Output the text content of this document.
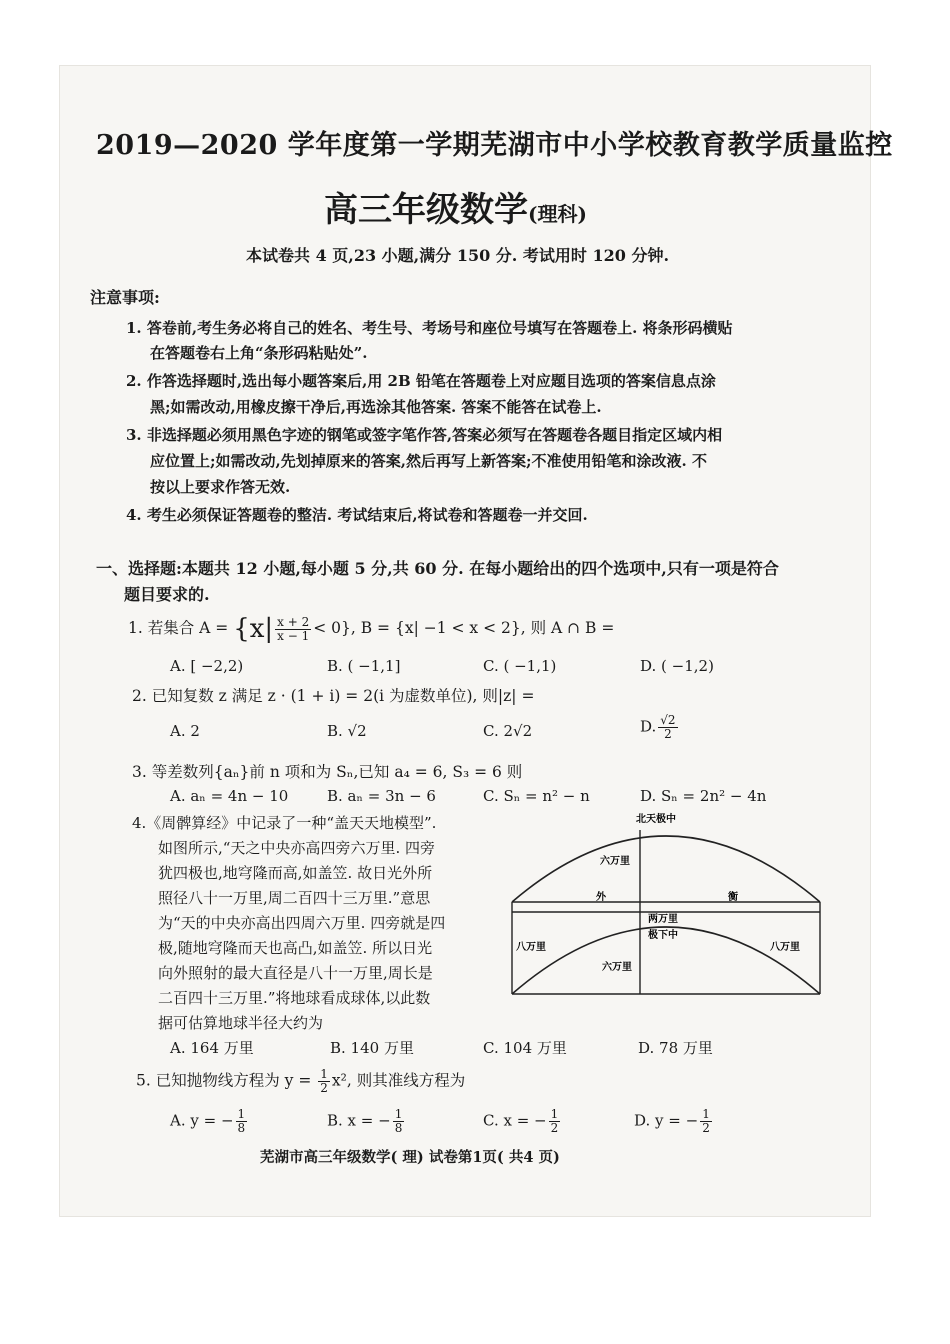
2019—2020 学年度第一学期芜湖市中小学校教育教学质量监控
高三年级数学(理科)
本试卷共 4 页,23 小题,满分 150 分. 考试用时 120 分钟.
注意事项:
1. 答卷前,考生务必将自己的姓名、考生号、考场号和座位号填写在答题卷上. 将条形码横贴
在答题卷右上角“条形码粘贴处”.
2. 作答选择题时,选出每小题答案后,用 2B 铅笔在答题卷上对应题目选项的答案信息点涂
黑;如需改动,用橡皮擦干净后,再选涂其他答案. 答案不能答在试卷上.
3. 非选择题必须用黑色字迹的钢笔或签字笔作答,答案必须写在答题卷各题目指定区域内相
应位置上;如需改动,先划掉原来的答案,然后再写上新答案;不准使用铅笔和涂改液. 不
按以上要求作答无效.
4. 考生必须保证答题卷的整洁. 考试结束后,将试卷和答题卷一并交回.
一、选择题:本题共 12 小题,每小题 5 分,共 60 分. 在每小题给出的四个选项中,只有一项是符合
题目要求的.
1. 若集合 $A = \{x| \frac{x + 2}{x - 1} < 0\}$, B = {x| −1 < x < 2}, 则 A ∩ B =
A. [ −2,2)	B. ( −1,1]	C. ( −1,1)	D. ( −1,2)
2. 已知复数 z 满足 z · (1 + i) = 2(i 为虚数单位), 则|z| =
A. 2	B. √2	C. 2√2	D. $\frac{√2}{2}$
3. 等差数列{aₙ}前 n 项和为 Sₙ,已知 a₄ = 6, S₃ = 6 则
A. aₙ = 4n − 10	B. aₙ = 3n − 6	C. Sₙ = n² − n	D. Sₙ = 2n² − 4n
4.《周髀算经》中记录了一种“盖天天地模型”.
如图所示,“天之中央亦高四旁六万里. 四旁
犹四极也,地穹隆而高,如盖笠. 故日光外所
照径八十一万里,周二百四十三万里.”意思
为“天的中央亦高出四周六万里. 四旁就是四
极,随地穹隆而天也高凸,如盖笠. 所以日光
向外照射的最大直径是八十一万里,周长是
二百四十三万里.”将地球看成球体,以此数
据可估算地球半径大约为
北天极中
六万里
外	衡
两万里
极下中
六万里
八万里	八万里
A. 164 万里	B. 140 万里	C. 104 万里	D. 78 万里
5. 已知抛物线方程为 $y = \frac{1}{2} x^2$, 则其准线方程为
A. y = − $\frac{1}{8}$	B. x = − $\frac{1}{8}$	C. x = − $\frac{1}{2}$	D. y = − $\frac{1}{2}$
芜湖市高三年级数学( 理) 试卷第1页( 共4 页)
